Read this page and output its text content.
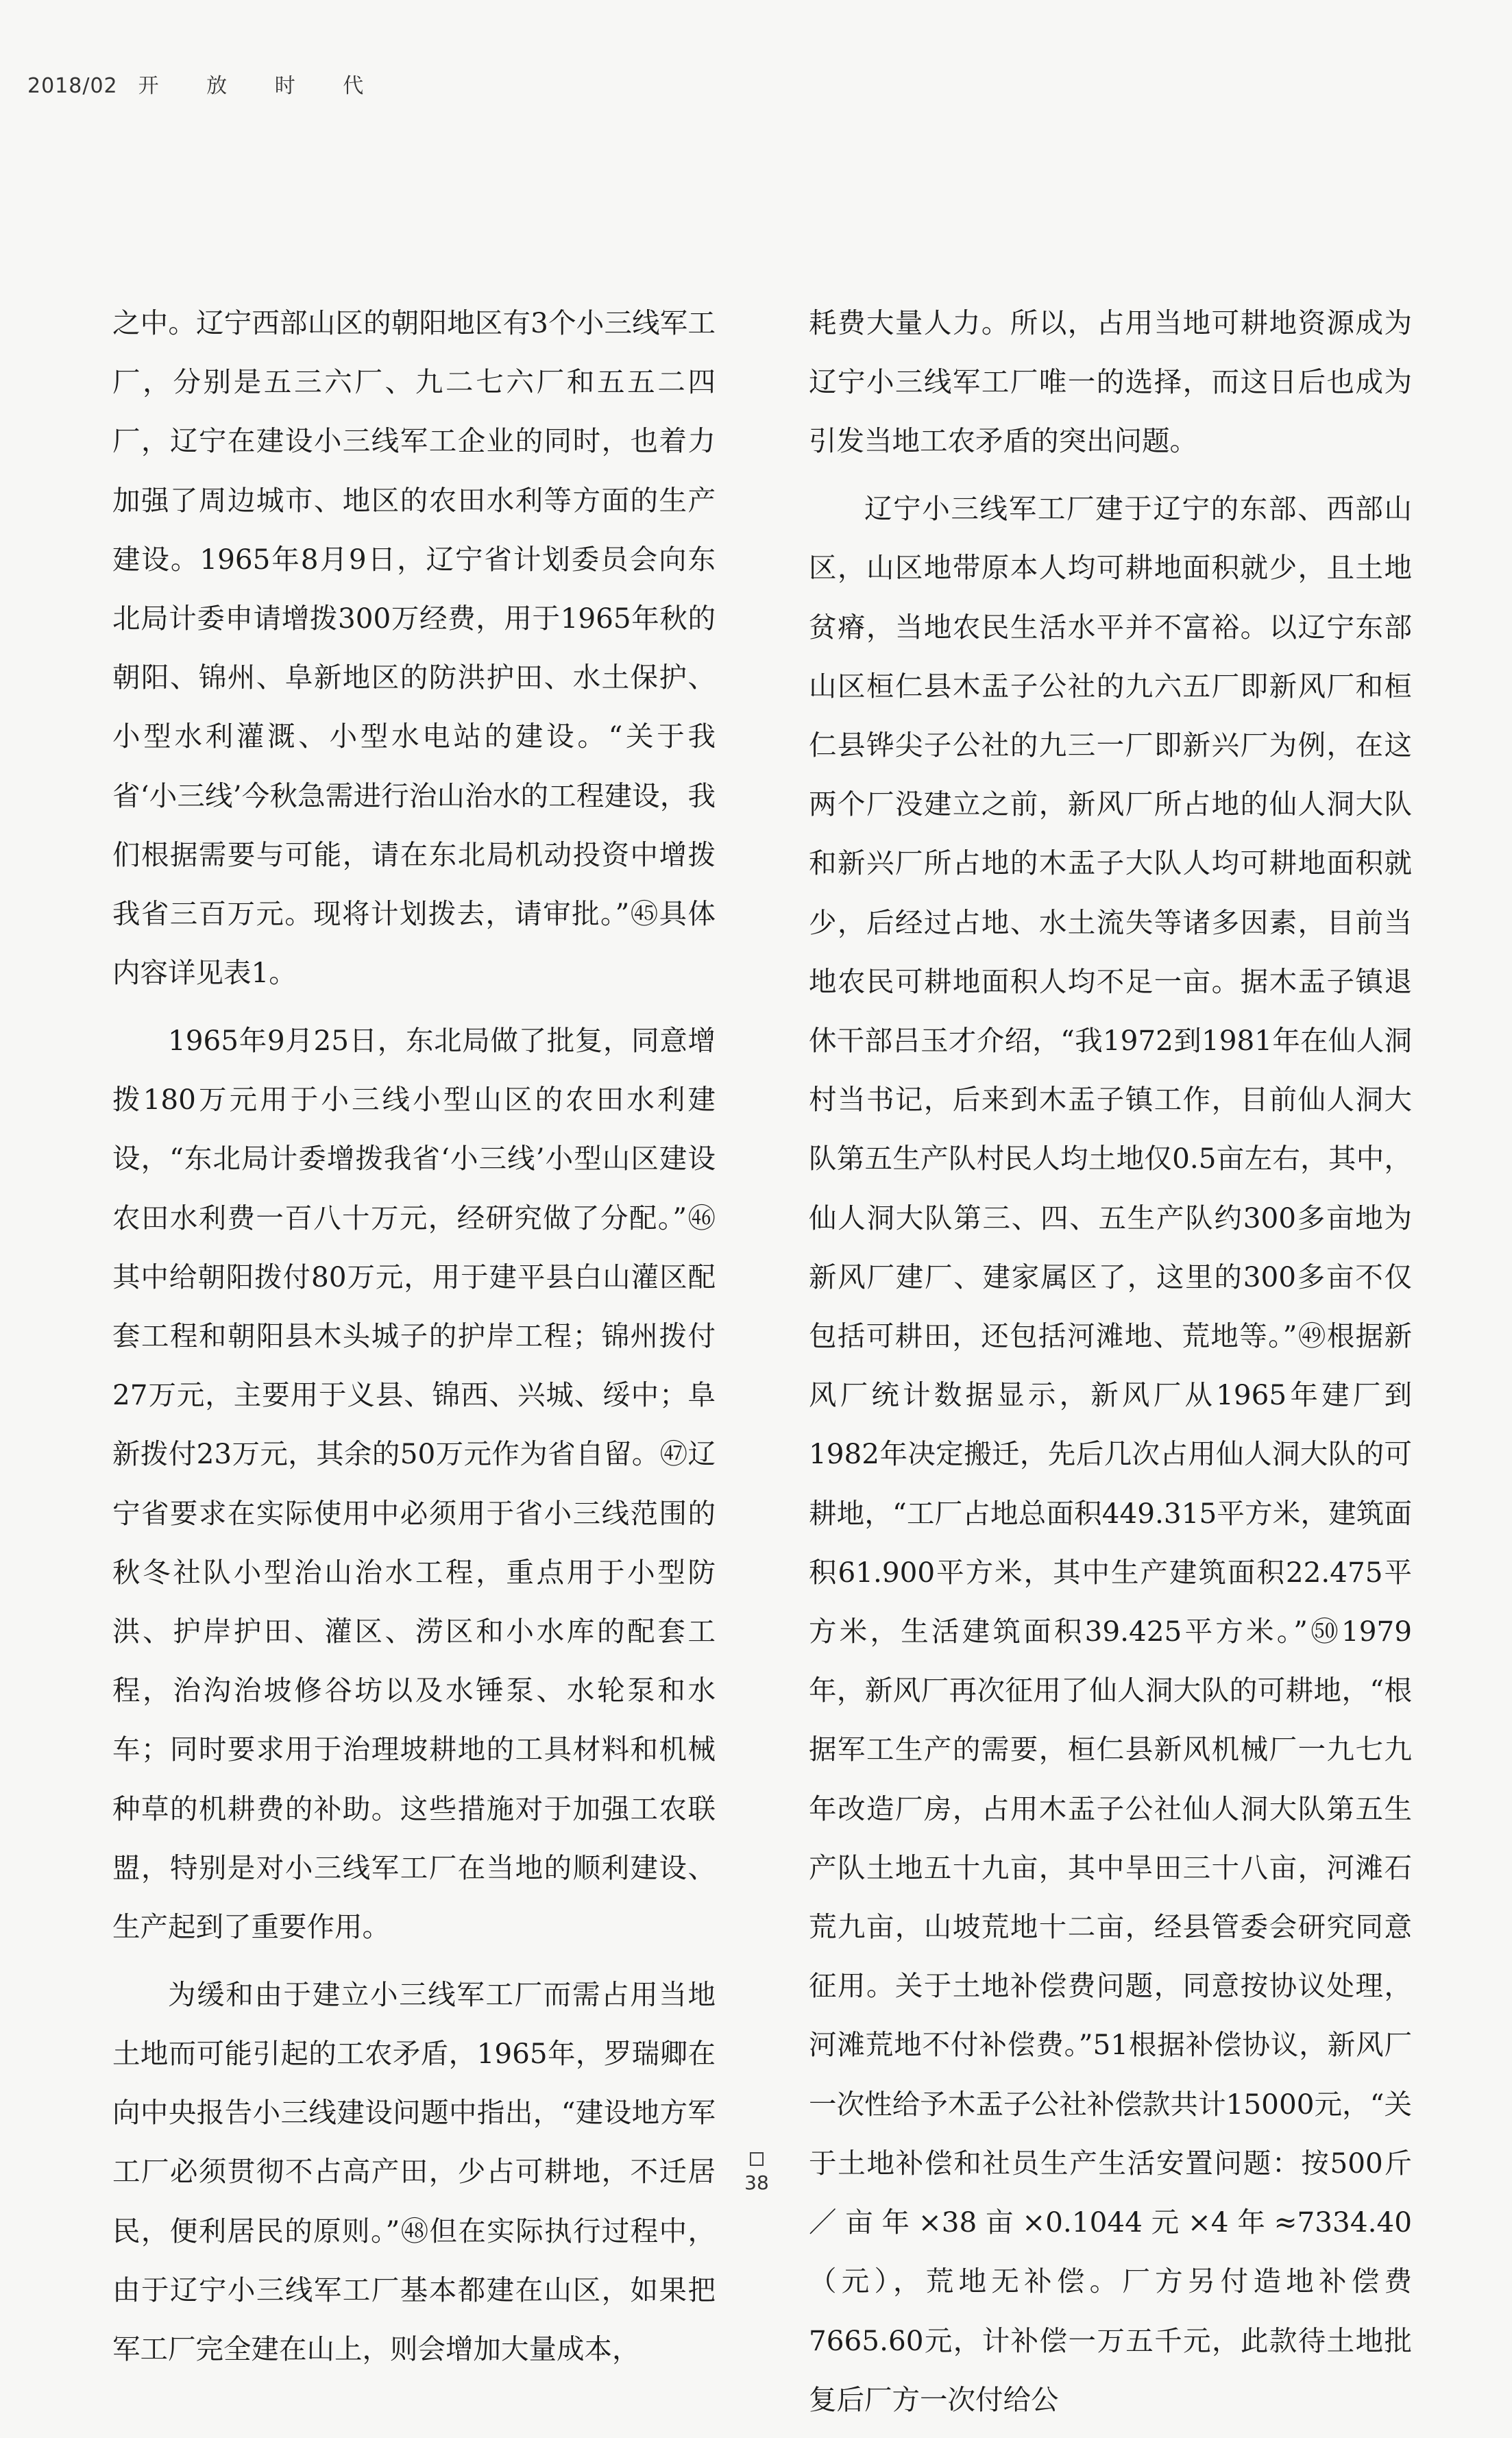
2018/02 开 放 时 代

之中。辽宁西部山区的朝阳地区有3个小三线军工厂，分别是五三六厂、九二七六厂和五五二四厂，辽宁在建设小三线军工企业的同时，也着力加强了周边城市、地区的农田水利等方面的生产建设。1965年8月9日，辽宁省计划委员会向东北局计委申请增拨300万经费，用于1965年秋的朝阳、锦州、阜新地区的防洪护田、水土保护、小型水利灌溉、小型水电站的建设。“关于我省‘小三线’今秋急需进行治山治水的工程建设，我们根据需要与可能，请在东北局机动投资中增拨我省三百万元。现将计划拨去，请审批。”㊺具体内容详见表1。

1965年9月25日，东北局做了批复，同意增拨180万元用于小三线小型山区的农田水利建设，“东北局计委增拨我省‘小三线’小型山区建设农田水利费一百八十万元，经研究做了分配。”㊻其中给朝阳拨付80万元，用于建平县白山灌区配套工程和朝阳县木头城子的护岸工程；锦州拨付27万元，主要用于义县、锦西、兴城、绥中；阜新拨付23万元，其余的50万元作为省自留。㊼辽宁省要求在实际使用中必须用于省小三线范围的秋冬社队小型治山治水工程，重点用于小型防洪、护岸护田、灌区、涝区和小水库的配套工程，治沟治坡修谷坊以及水锤泵、水轮泵和水车；同时要求用于治理坡耕地的工具材料和机械种草的机耕费的补助。这些措施对于加强工农联盟，特别是对小三线军工厂在当地的顺利建设、生产起到了重要作用。

为缓和由于建立小三线军工厂而需占用当地土地而可能引起的工农矛盾，1965年，罗瑞卿在向中央报告小三线建设问题中指出，“建设地方军工厂必须贯彻不占高产田，少占可耕地，不迁居民，便利居民的原则。”㊽但在实际执行过程中，由于辽宁小三线军工厂基本都建在山区，如果把军工厂完全建在山上，则会增加大量成本，

耗费大量人力。所以，占用当地可耕地资源成为辽宁小三线军工厂唯一的选择，而这日后也成为引发当地工农矛盾的突出问题。

辽宁小三线军工厂建于辽宁的东部、西部山区，山区地带原本人均可耕地面积就少，且土地贫瘠，当地农民生活水平并不富裕。以辽宁东部山区桓仁县木盂子公社的九六五厂即新风厂和桓仁县铧尖子公社的九三一厂即新兴厂为例，在这两个厂没建立之前，新风厂所占地的仙人洞大队和新兴厂所占地的木盂子大队人均可耕地面积就少，后经过占地、水土流失等诸多因素，目前当地农民可耕地面积人均不足一亩。据木盂子镇退休干部吕玉才介绍，“我1972到1981年在仙人洞村当书记，后来到木盂子镇工作，目前仙人洞大队第五生产队村民人均土地仅0.5亩左右，其中，仙人洞大队第三、四、五生产队约300多亩地为新风厂建厂、建家属区了，这里的300多亩不仅包括可耕田，还包括河滩地、荒地等。”㊾根据新风厂统计数据显示，新风厂从1965年建厂到1982年决定搬迁，先后几次占用仙人洞大队的可耕地，“工厂占地总面积449.315平方米，建筑面积61.900平方米，其中生产建筑面积22.475平方米，生活建筑面积39.425平方米。”㊿1979年，新风厂再次征用了仙人洞大队的可耕地，“根据军工生产的需要，桓仁县新风机械厂一九七九年改造厂房，占用木盂子公社仙人洞大队第五生产队土地五十九亩，其中旱田三十八亩，河滩石荒九亩，山坡荒地十二亩，经县管委会研究同意征用。关于土地补偿费问题，同意按协议处理，河滩荒地不付补偿费。”51根据补偿协议，新风厂一次性给予木盂子公社补偿款共计15000元，“关于土地补偿和社员生产生活安置问题：按500斤／亩年×38亩×0.1044元×4年≈7334.40（元），荒地无补偿。厂方另付造地补偿费7665.60元，计补偿一万五千元，此款待土地批复后厂方一次付给公

38
